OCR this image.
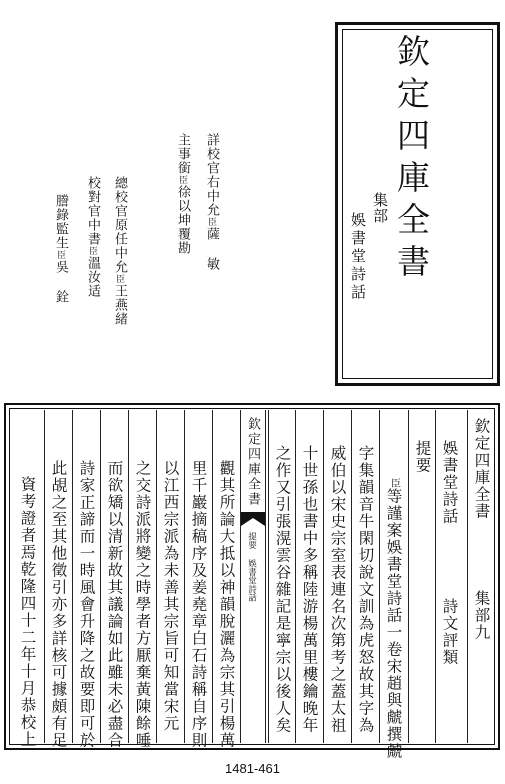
欽定四庫全書
集部
娛書堂詩話
詳校官右中允臣薩 敏
主事銜臣徐以坤覆勘
總校官原任中允臣王燕緒
校對官中書臣溫汝适
謄錄監生臣吳 銓
欽定四庫全書
集部九
娛書堂詩話
詩文評類
提要
臣等謹案娛書堂詩話一卷宋趙與虤撰虤
字集韻音牛閑切說文訓為虎怒故其字為
威伯以宋史宗室表連名次第考之蓋太祖
十世孫也書中多稱陸游楊萬里樓鑰晚年
之作又引張滉雲谷雜記是寧宗以後人矣
欽定四庫全書
提要 娛書堂詩話
觀其所論大抵以神韻脫灑為宗其引楊萬
里千巖摘稿序及姜堯章白石詩稱自序則
以江西宗派為未善其宗旨可知當宋元
之交詩派將變之時學者方厭棄黃陳餘唾
而欲矯以清新故其議論如此雖未必盡合
詩家正諦而一時風會升降之故要即可於
此覘之至其他徵引亦多詳核可據頗有足
資考證者焉乾隆四十二年十月恭校上
1481-461
